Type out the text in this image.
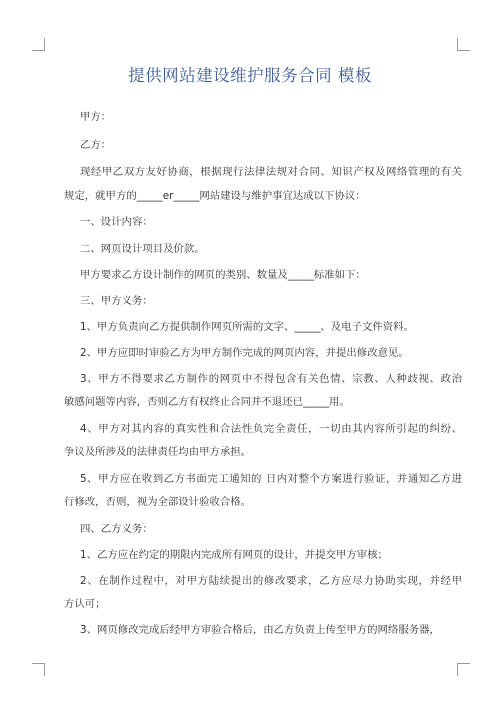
提供网站建设维护服务合同 模板
甲方：
乙方：
现经甲乙双方友好协商，根据现行法律法规对合同、知识产权及网络管理的有关
规定，就甲方的_____er_____网站建设与维护事宜达成以下协议：
一、设计内容：
二、网页设计项目及价款。
甲方要求乙方设计制作的网页的类别、数量及_____标准如下：
三、甲方义务：
1、甲方负责向乙方提供制作网页所需的文字、_____、及电子文件资料。
2、甲方应即时审验乙方为甲方制作完成的网页内容，并提出修改意见。
3、甲方不得要求乙方制作的网页中不得包含有关色情、宗教、人种歧视、政治
敏感问题等内容，否则乙方有权终止合同并不退还已_____用。
4、甲方对其内容的真实性和合法性负完全责任，一切由其内容所引起的纠纷、
争议及所涉及的法律责任均由甲方承担。
5、甲方应在收到乙方书面完工通知的 日内对整个方案进行验证，并通知乙方进
行修改，否则，视为全部设计验收合格。
四、乙方义务：
1、乙方应在约定的期限内完成所有网页的设计，并提交甲方审核；
2、在制作过程中，对甲方陆续提出的修改要求，乙方应尽力协助实现，并经甲
方认可；
3、网页修改完成后经甲方审验合格后，由乙方负责上传至甲方的网络服务器，
